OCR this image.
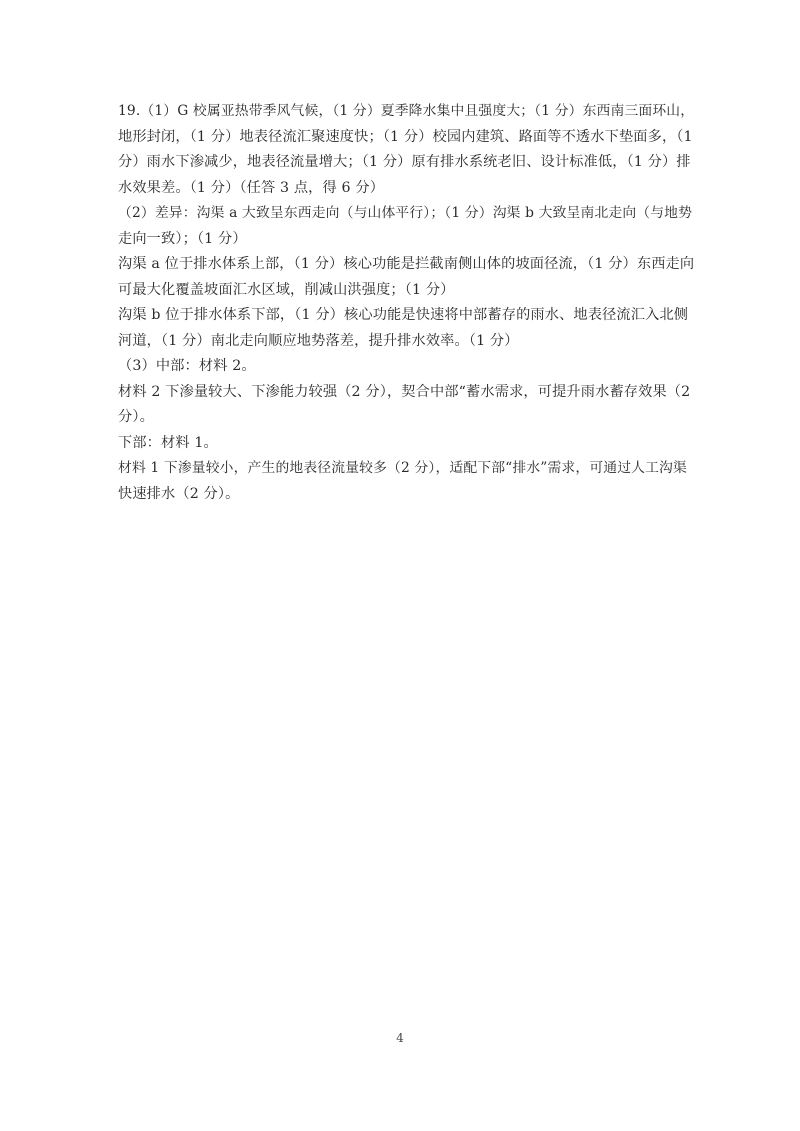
19.（1）G 校属亚热带季风气候，（1 分）夏季降水集中且强度大；（1 分）东西南三面环山，
地形封闭，（1 分）地表径流汇聚速度快；（1 分）校园内建筑、路面等不透水下垫面多，（1
分）雨水下渗减少，地表径流量增大；（1 分）原有排水系统老旧、设计标准低，（1 分）排
水效果差。（1 分）（任答 3 点，得 6 分）
（2）差异：沟渠 a 大致呈东西走向（与山体平行）；（1 分）沟渠 b 大致呈南北走向（与地势
走向一致）；（1 分）
沟渠 a 位于排水体系上部，（1 分）核心功能是拦截南侧山体的坡面径流，（1 分）东西走向
可最大化覆盖坡面汇水区域，削减山洪强度；（1 分）
沟渠 b 位于排水体系下部，（1 分）核心功能是快速将中部蓄存的雨水、地表径流汇入北侧
河道，（1 分）南北走向顺应地势落差，提升排水效率。（1 分）
（3）中部：材料 2。
材料 2 下渗量较大、下渗能力较强（2 分），契合中部“蓄水需求，可提升雨水蓄存效果（2
分）。
下部：材料 1。
材料 1 下渗量较小，产生的地表径流量较多（2 分），适配下部“排水”需求，可通过人工沟渠
快速排水（2 分）。
4
